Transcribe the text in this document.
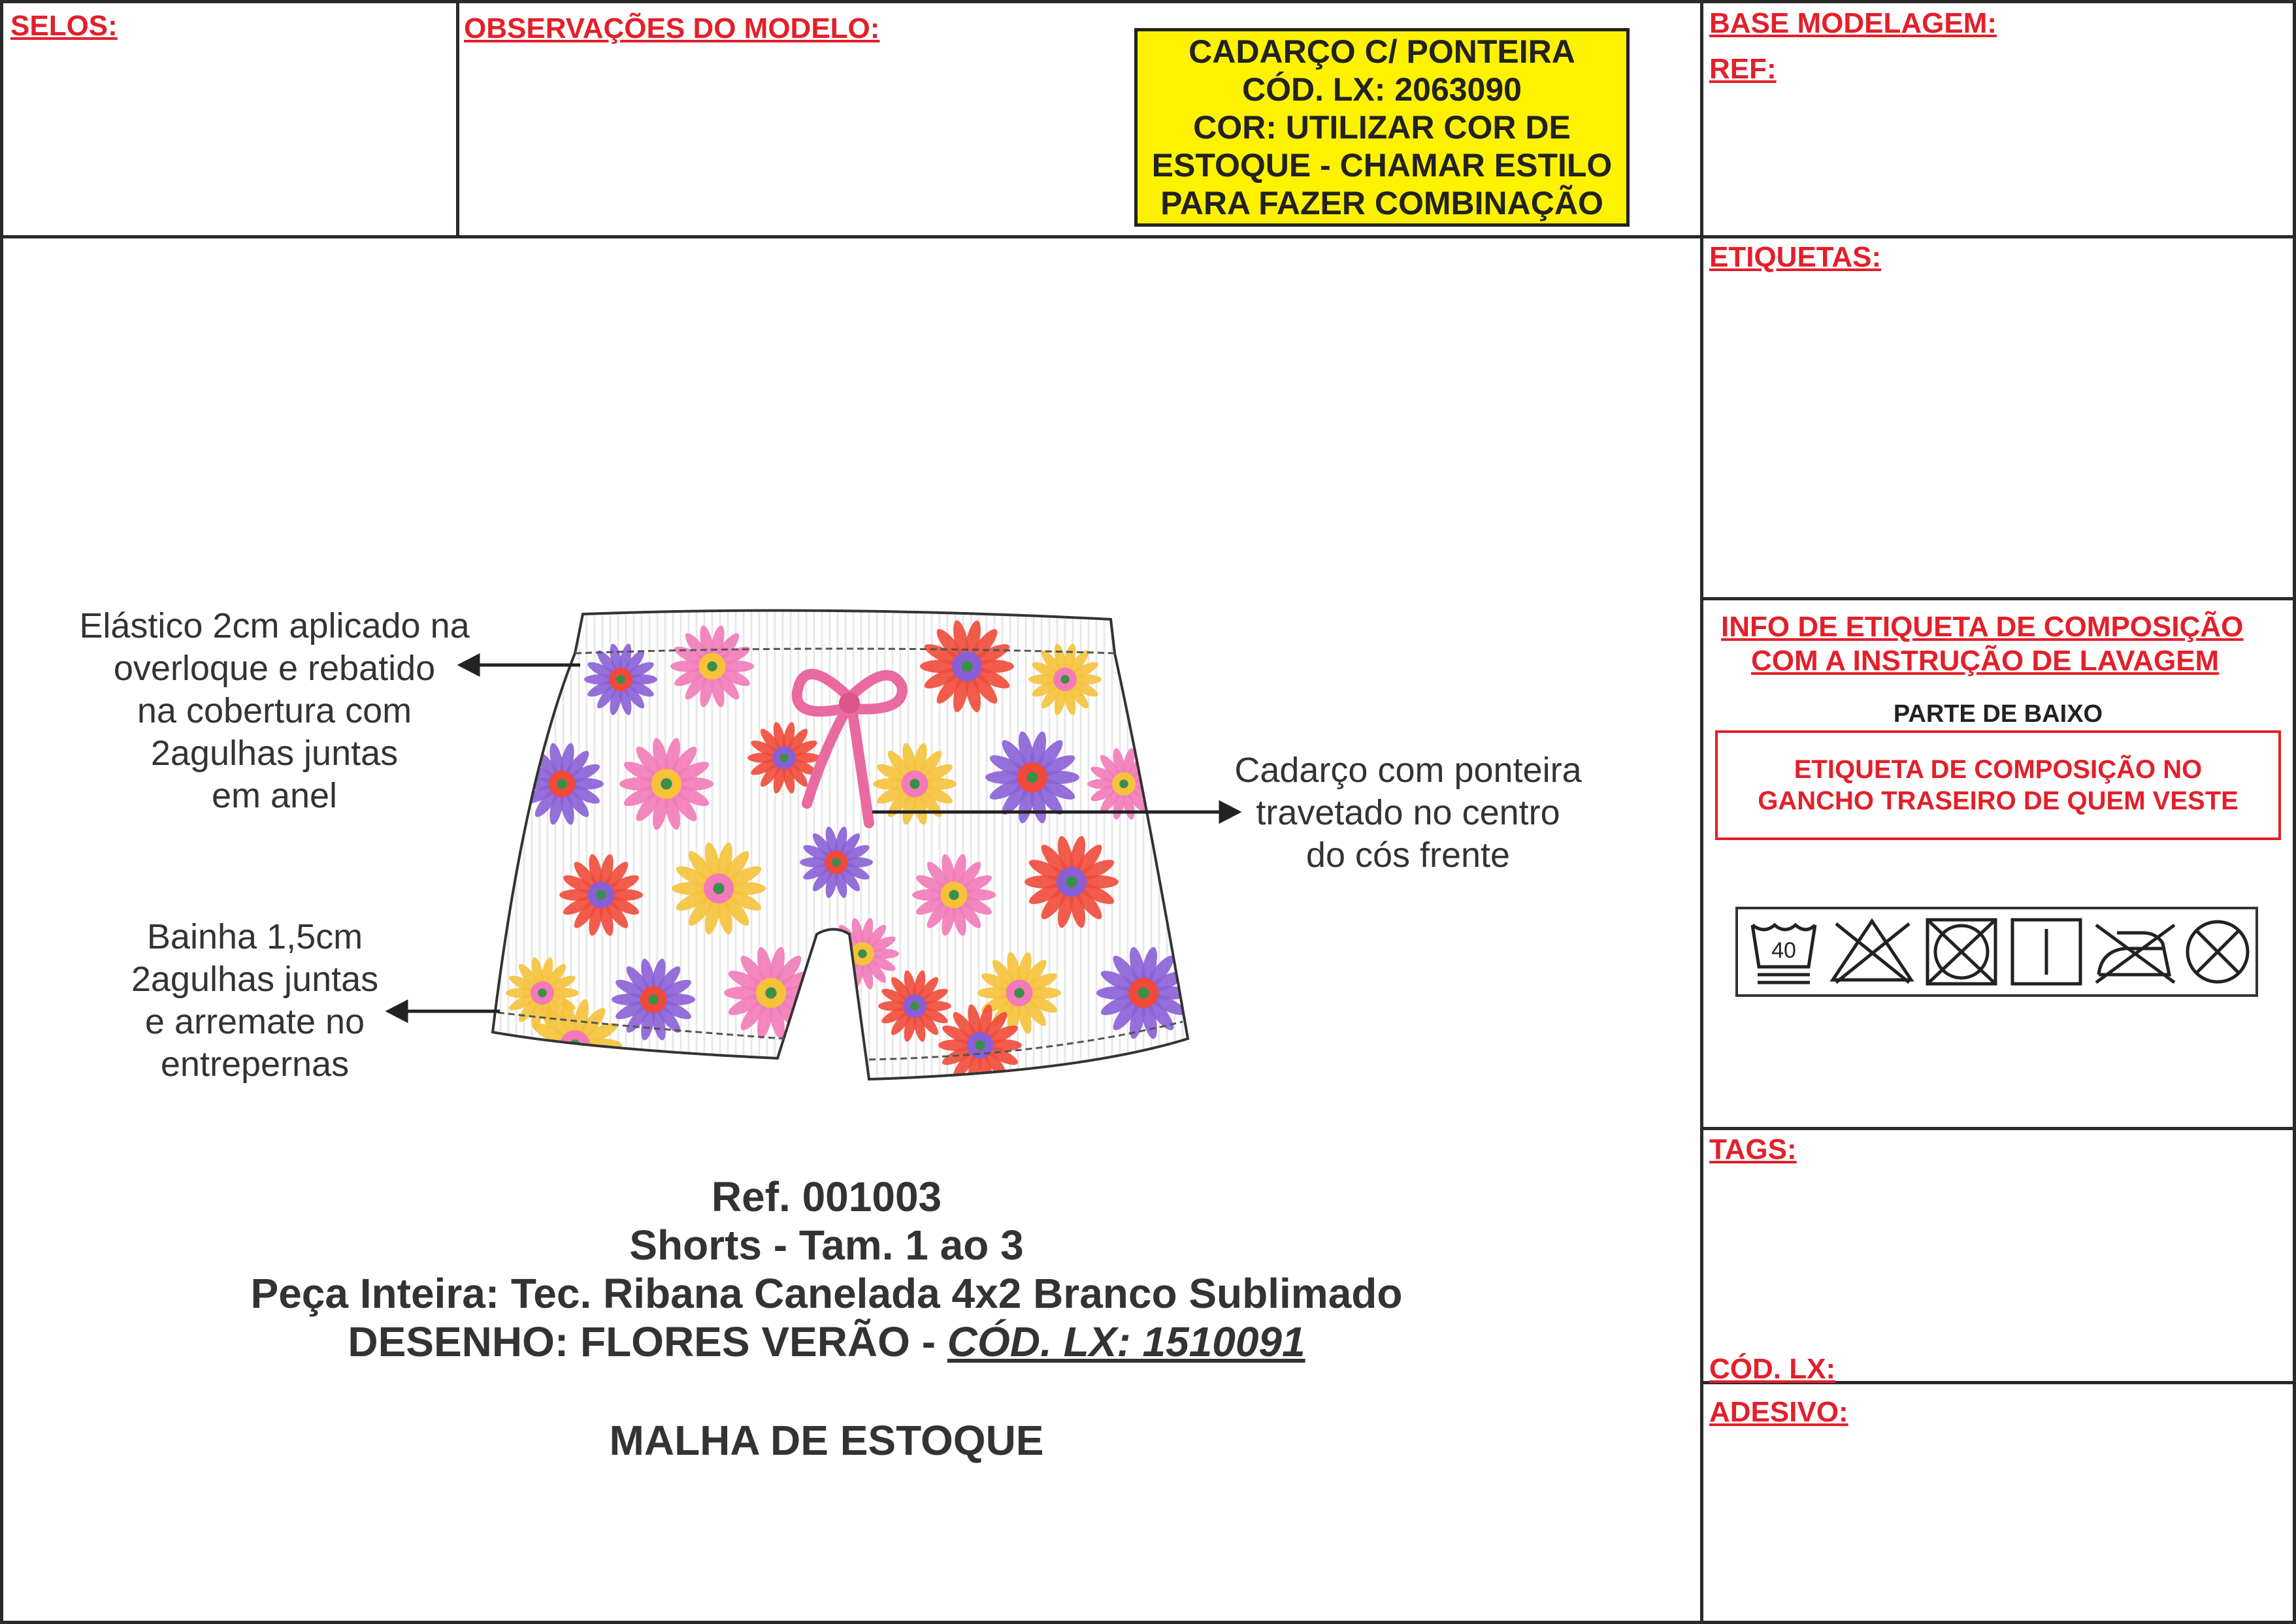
SELOS:	OBSERVAÇÕES DO MODELO:
CADARÇO C/ PONTEIRA
CÓD. LX: 2063090
COR: UTILIZAR COR DE
ESTOQUE - CHAMAR ESTILO
PARA FAZER COMBINAÇÃO
BASE MODELAGEM:
REF:
ETIQUETAS:
INFO DE ETIQUETA DE COMPOSIÇÃO
COM A INSTRUÇÃO DE LAVAGEM
PARTE DE BAIXO
ETIQUETA DE COMPOSIÇÃO NO
GANCHO TRASEIRO DE QUEM VESTE
40
TAGS:
CÓD. LX:
ADESIVO:
Elástico 2cm aplicado na
overloque e rebatido
na cobertura com
2agulhas juntas
em anel
Bainha 1,5cm
2agulhas juntas
e arremate no
entrepernas
Cadarço com ponteira
travetado no centro
do cós frente
Ref. 001003
Shorts - Tam. 1 ao 3
Peça Inteira: Tec. Ribana Canelada 4x2 Branco Sublimado
DESENHO: FLORES VERÃO - CÓD. LX: 1510091
MALHA DE ESTOQUE
